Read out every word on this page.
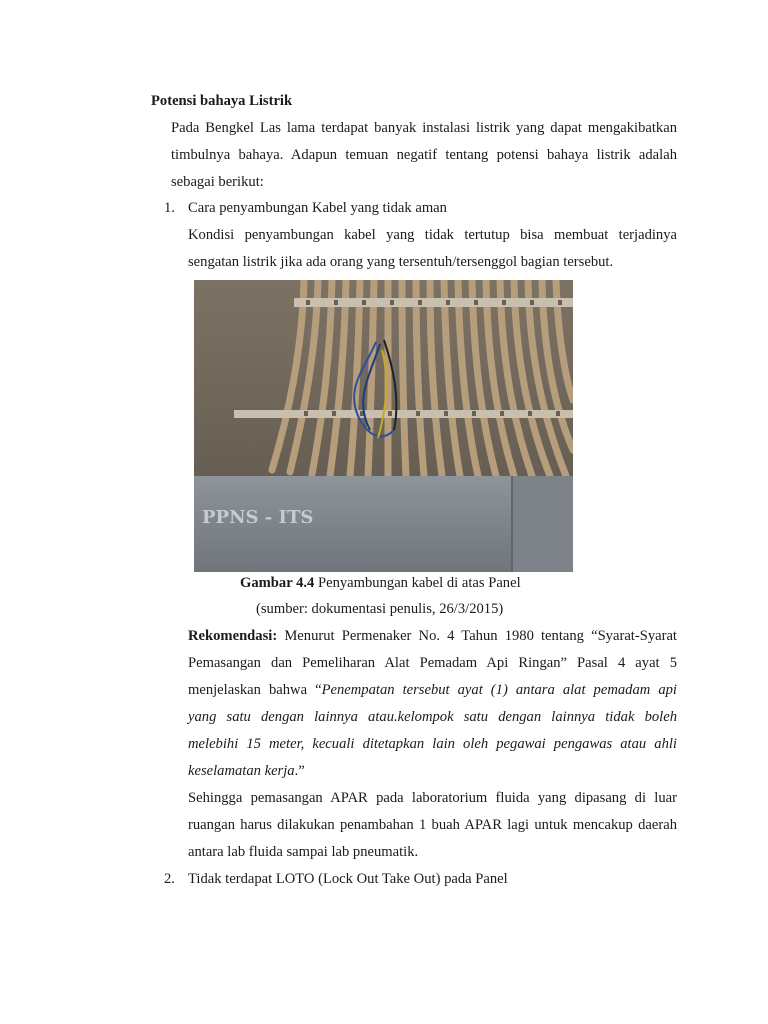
Potensi bahaya Listrik
Pada Bengkel Las lama terdapat banyak instalasi listrik yang dapat mengakibatkan
timbulnya bahaya. Adapun temuan negatif tentang potensi bahaya listrik adalah
sebagai berikut:
1. Cara penyambungan Kabel yang tidak aman
Kondisi penyambungan kabel yang tidak tertutup bisa membuat terjadinya
sengatan listrik jika ada orang yang tersentuh/tersenggol bagian tersebut.
PPNS - ITS
Gambar 4.4 Penyambungan kabel di atas Panel
(sumber: dokumentasi penulis, 26/3/2015)
Rekomendasi: Menurut Permenaker No. 4 Tahun 1980 tentang “Syarat-Syarat
Pemasangan dan Pemeliharan Alat Pemadam Api Ringan” Pasal 4 ayat 5
menjelaskan bahwa “Penempatan tersebut ayat (1) antara alat pemadam api
yang satu dengan lainnya atau.kelompok satu dengan lainnya tidak boleh
melebihi 15 meter, kecuali ditetapkan lain oleh pegawai pengawas atau ahli
keselamatan kerja.”
Sehingga pemasangan APAR pada laboratorium fluida yang dipasang di luar
ruangan harus dilakukan penambahan 1 buah APAR lagi untuk mencakup daerah
antara lab fluida sampai lab pneumatik.
2. Tidak terdapat LOTO (Lock Out Take Out) pada Panel
